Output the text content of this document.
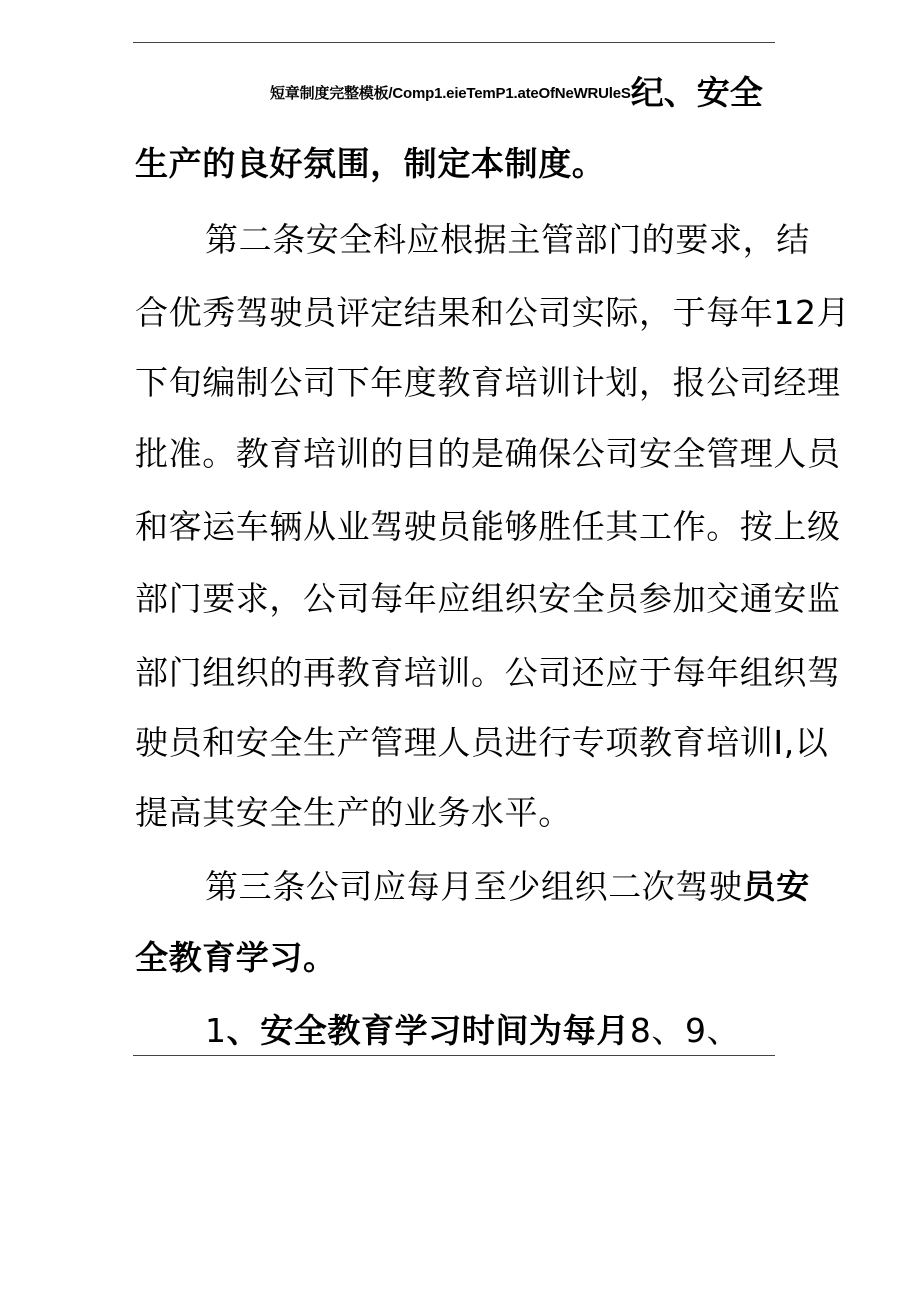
短章制度完整模板/Comp1.eieTemP1.ateOfNeWRUleS纪、安全
生产的良好氛围，制定本制度。
第二条安全科应根据主管部门的要求，结
合优秀驾驶员评定结果和公司实际，于每年12月
下旬编制公司下年度教育培训计划，报公司经理
批准。教育培训的目的是确保公司安全管理人员
和客运车辆从业驾驶员能够胜任其工作。按上级
部门要求，公司每年应组织安全员参加交通安监
部门组织的再教育培训。公司还应于每年组织驾
驶员和安全生产管理人员进行专项教育培训I,以
提高其安全生产的业务水平。
第三条公司应每月至少组织二次驾驶员安
全教育学习。
1、安全教育学习时间为每月8、9、
